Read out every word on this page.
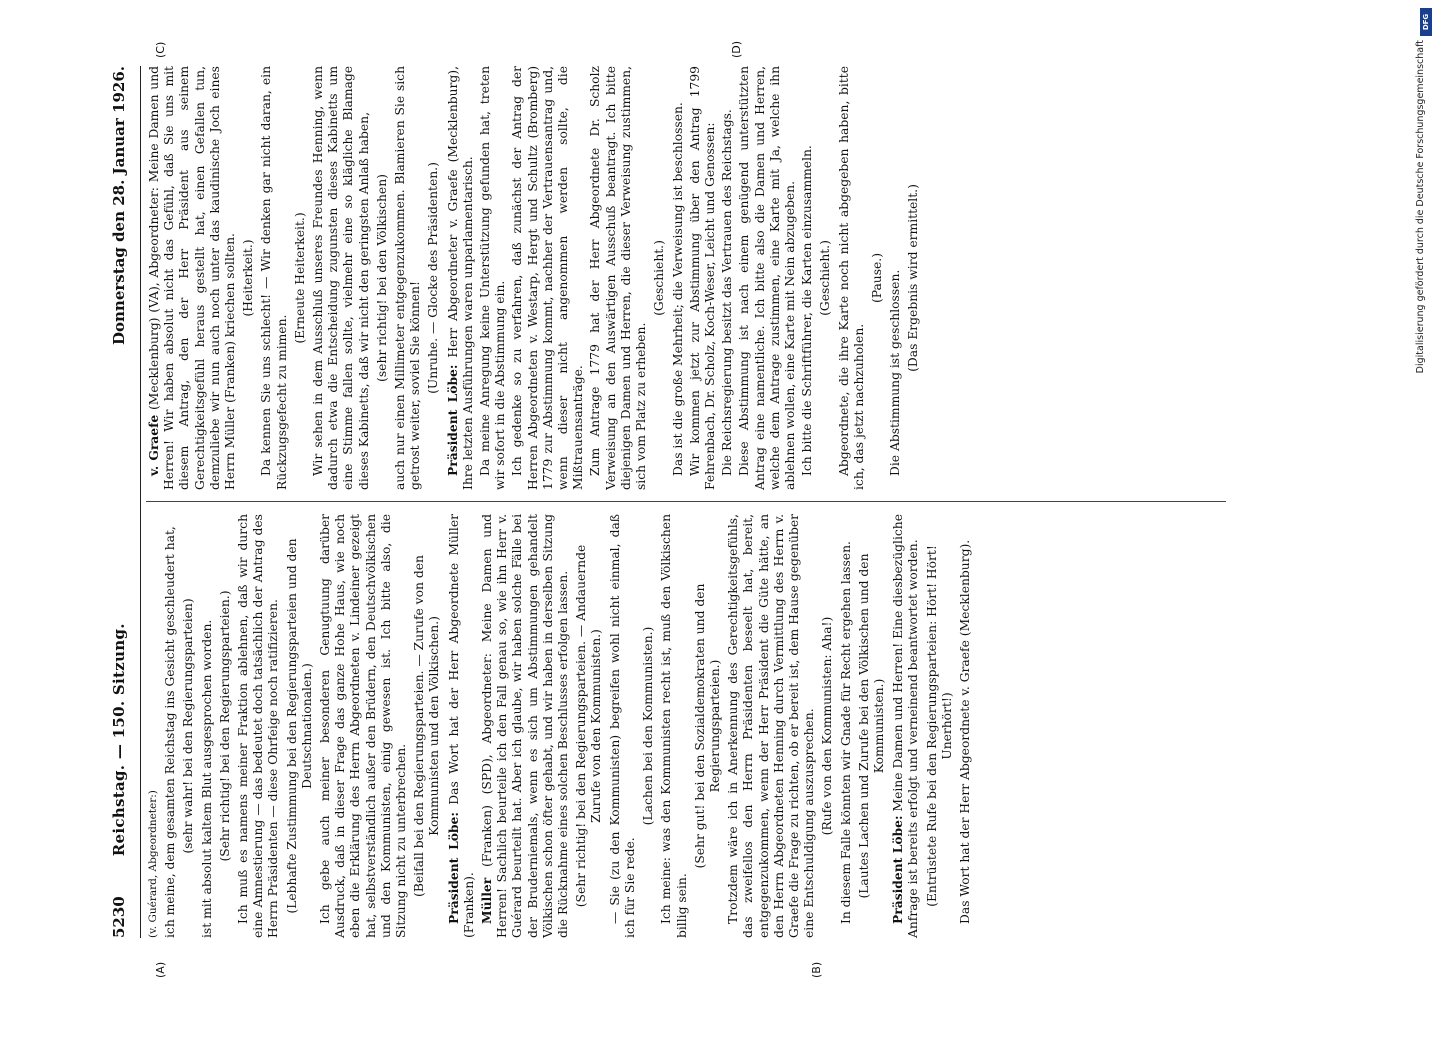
5230
Reichstag. — 150. Sitzung.
Donnerstag den 28. Januar 1926.

(v. Guérard, Abgeordneter:) ich meine, dem gesamten Reichstag ins Gesicht geschleudert hat, (sehr wahr! bei den Regierungsparteien) ist mit absolut kaltem Blut ausgesprochen worden. (Sehr richtig! bei den Regierungsparteien.) Ich muß es namens meiner Fraktion ablehnen, daß wir durch eine Amnestierung — das bedeutet doch tatsächlich der Antrag des Herrn Präsidenten — diese Ohrfeige noch ratifizieren. (Lebhafte Zustimmung bei den Regierungsparteien und den Deutschnationalen.) Ich gebe auch meiner besonderen Genugtuung darüber Ausdruck, daß in dieser Frage das ganze Hohe Haus, wie noch eben die Erklärung des Herrn Abgeordneten v. Lindeiner gezeigt hat, selbstverständlich außer den Brüdern, den Deutschvölkischen und den Kommunisten, einig gewesen ist. Ich bitte also, die Sitzung nicht zu unterbrechen. (Beifall bei den Regierungsparteien. — Zurufe von den Kommunisten und den Völkischen.)

Präsident Löbe: Das Wort hat der Herr Abgeordnete Müller (Franken). Müller (Franken) (SPD), Abgeordneter: Meine Damen und Herren! Sachlich beurteile ich den Fall genau so, wie ihn Herr v. Guérard beurteilt hat. Aber ich glaube, wir haben solche Fälle bei der Bruderniemals, wenn es sich um Abstimmungen gehandelt Völkischen schon öfter gehabt, und wir haben in derselben Sitzung die Rücknahme eines solchen Beschlusses erfolgen lassen. (Sehr richtig! bei den Regierungsparteien. — Andauernde Zurufe von den Kommunisten.) — Sie (zu den Kommunisten) begreifen wohl nicht einmal, daß ich für Sie rede.

(Lachen bei den Kommunisten.) Ich meine: was den Kommunisten recht ist, muß den Völkischen billig sein.

(Sehr gut! bei den Sozialdemokraten und den Regierungsparteien.) Trotzdem wäre ich in Anerkennung des Gerechtigkeitsgefühls, das zweifellos den Herrn Präsidenten beseelt hat, bereit, entgegenzukommen, wenn der Herr Präsident die Güte hätte, an den Herrn Abgeordneten Henning durch Vermittlung des Herrn v. Graefe die Frage zu richten, ob er bereit ist, dem Hause gegenüber eine Entschuldigung auszusprechen. (Rufe von den Kommunisten: Aha!) In diesem Falle könnten wir Gnade für Recht ergehen lassen. (Lautes Lachen und Zurufe bei den Völkischen und den Kommunisten.)

Präsident Löbe: Meine Damen und Herren! Eine diesbezügliche Anfrage ist bereits erfolgt und verneinend beantwortet worden. (Entrüstete Rufe bei den Regierungsparteien: Hört! Hört! Unerhört!) Das Wort hat der Herr Abgeordnete v. Graefe (Mecklenburg).

v. Graefe (Mecklenburg) (VA), Abgeordneter: Meine Damen und Herren! Wir haben absolut nicht das Gefühl, daß Sie uns mit diesem Antrag, den der Herr Präsident aus seinem Gerechtigkeitsgefühl heraus gestellt hat, einen Gefallen tun, demzuliebe wir nun auch noch unter das kaudinische Joch eines Herrn Müller (Franken) kriechen sollten. (Heiterkeit.) Da kennen Sie uns schlecht! — Wir denken gar nicht daran, ein Rückzugsgefecht zu mimen.

(Erneute Heiterkeit.) Wir sehen in dem Ausschluß unseres Freundes Henning, wenn dadurch etwa die Entscheidung zugunsten dieses Kabinetts um eine Stimme fallen sollte, vielmehr eine so klägliche Blamage dieses Kabinetts, daß wir nicht den geringsten Anlaß haben, (sehr richtig! bei den Völkischen) auch nur einen Millimeter entgegenzukommen. Blamieren Sie sich getrost weiter, soviel Sie können! (Unruhe. — Glocke des Präsidenten.)

Präsident Löbe: Herr Abgeordneter v. Graefe (Mecklenburg), Ihre letzten Ausführungen waren unparlamentarisch. Da meine Anregung keine Unterstützung gefunden hat, treten wir sofort in die Abstimmung ein. Ich gedenke so zu verfahren, daß zunächst der Antrag der Herren Abgeordneten v. Westarp, Hergt und Schultz (Bromberg) 1779 zur Abstimmung kommt, nachher der Vertrauensantrag und, wenn dieser nicht angenommen werden sollte, die Mißtrauensanträge. Zum Antrage 1779 hat der Herr Abgeordnete Dr. Scholz Verweisung an den Auswärtigen Ausschuß beantragt. Ich bitte diejenigen Damen und Herren, die dieser Verweisung zustimmen, sich vom Platz zu erheben.

(Geschieht.) Das ist die große Mehrheit; die Verweisung ist beschlossen. Wir kommen jetzt zur Abstimmung über den Antrag 1799 Fehrenbach, Dr. Scholz, Koch-Weser, Leicht und Genossen: Die Reichsregierung besitzt das Vertrauen des Reichstags. Diese Abstimmung ist nach einem genügend unterstützten Antrag eine namentliche. Ich bitte also die Damen und Herren, welche dem Antrage zustimmen, eine Karte mit Ja, welche ihn ablehnen wollen, eine Karte mit Nein abzugeben. Ich bitte die Schriftführer, die Karten einzusammeln. (Geschieht.) Abgeordnete, die ihre Karte noch nicht abgegeben haben, bitte ich, das jetzt nachzuholen.

(Pause.) Die Abstimmung ist geschlossen. (Das Ergebnis wird ermittelt.)

(A)	(B)
(C)	(D)
DFG
Digitalisierung gefördert durch die Deutsche Forschungsgemeinschaft
